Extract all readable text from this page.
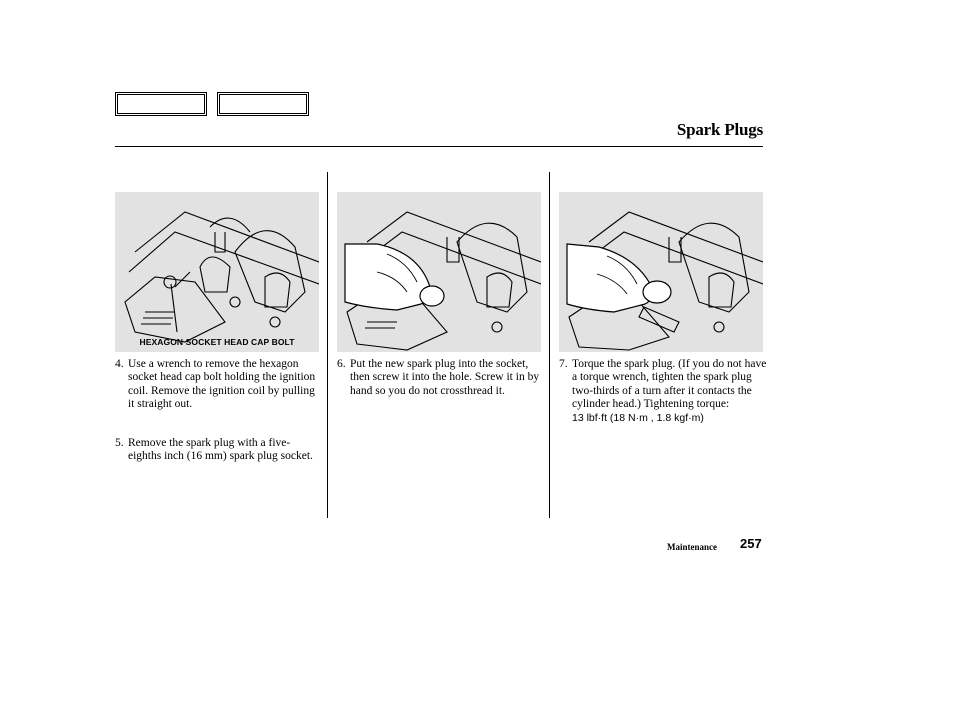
Spark Plugs
HEXAGON SOCKET HEAD CAP BOLT
4. Use a wrench to remove the hexagon socket head cap bolt holding the ignition coil. Remove the ignition coil by pulling it straight out.
5. Remove the spark plug with a five-eighths inch (16 mm) spark plug socket.
6. Put the new spark plug into the socket, then screw it into the hole. Screw it in by hand so you do not crossthread it.
7. Torque the spark plug. (If you do not have a torque wrench, tighten the spark plug two-thirds of a turn after it contacts the cylinder head.) Tightening torque:
13 lbf·ft (18 N·m , 1.8 kgf·m)
Maintenance 257
